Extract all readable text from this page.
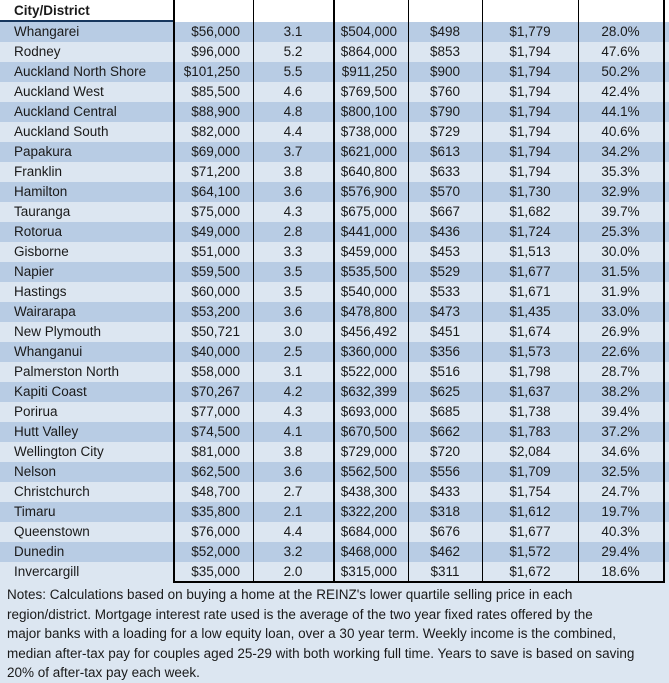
City/District
Whangarei	$56,000	3.1	$504,000	$498	$1,779	28.0%
Rodney	$96,000	5.2	$864,000	$853	$1,794	47.6%
Auckland North Shore	$101,250	5.5	$911,250	$900	$1,794	50.2%
Auckland West	$85,500	4.6	$769,500	$760	$1,794	42.4%
Auckland Central	$88,900	4.8	$800,100	$790	$1,794	44.1%
Auckland South	$82,000	4.4	$738,000	$729	$1,794	40.6%
Papakura	$69,000	3.7	$621,000	$613	$1,794	34.2%
Franklin	$71,200	3.8	$640,800	$633	$1,794	35.3%
Hamilton	$64,100	3.6	$576,900	$570	$1,730	32.9%
Tauranga	$75,000	4.3	$675,000	$667	$1,682	39.7%
Rotorua	$49,000	2.8	$441,000	$436	$1,724	25.3%
Gisborne	$51,000	3.3	$459,000	$453	$1,513	30.0%
Napier	$59,500	3.5	$535,500	$529	$1,677	31.5%
Hastings	$60,000	3.5	$540,000	$533	$1,671	31.9%
Wairarapa	$53,200	3.6	$478,800	$473	$1,435	33.0%
New Plymouth	$50,721	3.0	$456,492	$451	$1,674	26.9%
Whanganui	$40,000	2.5	$360,000	$356	$1,573	22.6%
Palmerston North	$58,000	3.1	$522,000	$516	$1,798	28.7%
Kapiti Coast	$70,267	4.2	$632,399	$625	$1,637	38.2%
Porirua	$77,000	4.3	$693,000	$685	$1,738	39.4%
Hutt Valley	$74,500	4.1	$670,500	$662	$1,783	37.2%
Wellington City	$81,000	3.8	$729,000	$720	$2,084	34.6%
Nelson	$62,500	3.6	$562,500	$556	$1,709	32.5%
Christchurch	$48,700	2.7	$438,300	$433	$1,754	24.7%
Timaru	$35,800	2.1	$322,200	$318	$1,612	19.7%
Queenstown	$76,000	4.4	$684,000	$676	$1,677	40.3%
Dunedin	$52,000	3.2	$468,000	$462	$1,572	29.4%
Invercargill	$35,000	2.0	$315,000	$311	$1,672	18.6%
Notes: Calculations based on buying a home at the REINZ's lower quartile selling price in each
region/district. Mortgage interest rate used is the average of the two year fixed rates offered by the
major banks with a loading for a low equity loan, over a 30 year term. Weekly income is the combined,
median after-tax pay for couples aged 25-29 with both working full time. Years to save is based on saving
20% of after-tax pay each week.
